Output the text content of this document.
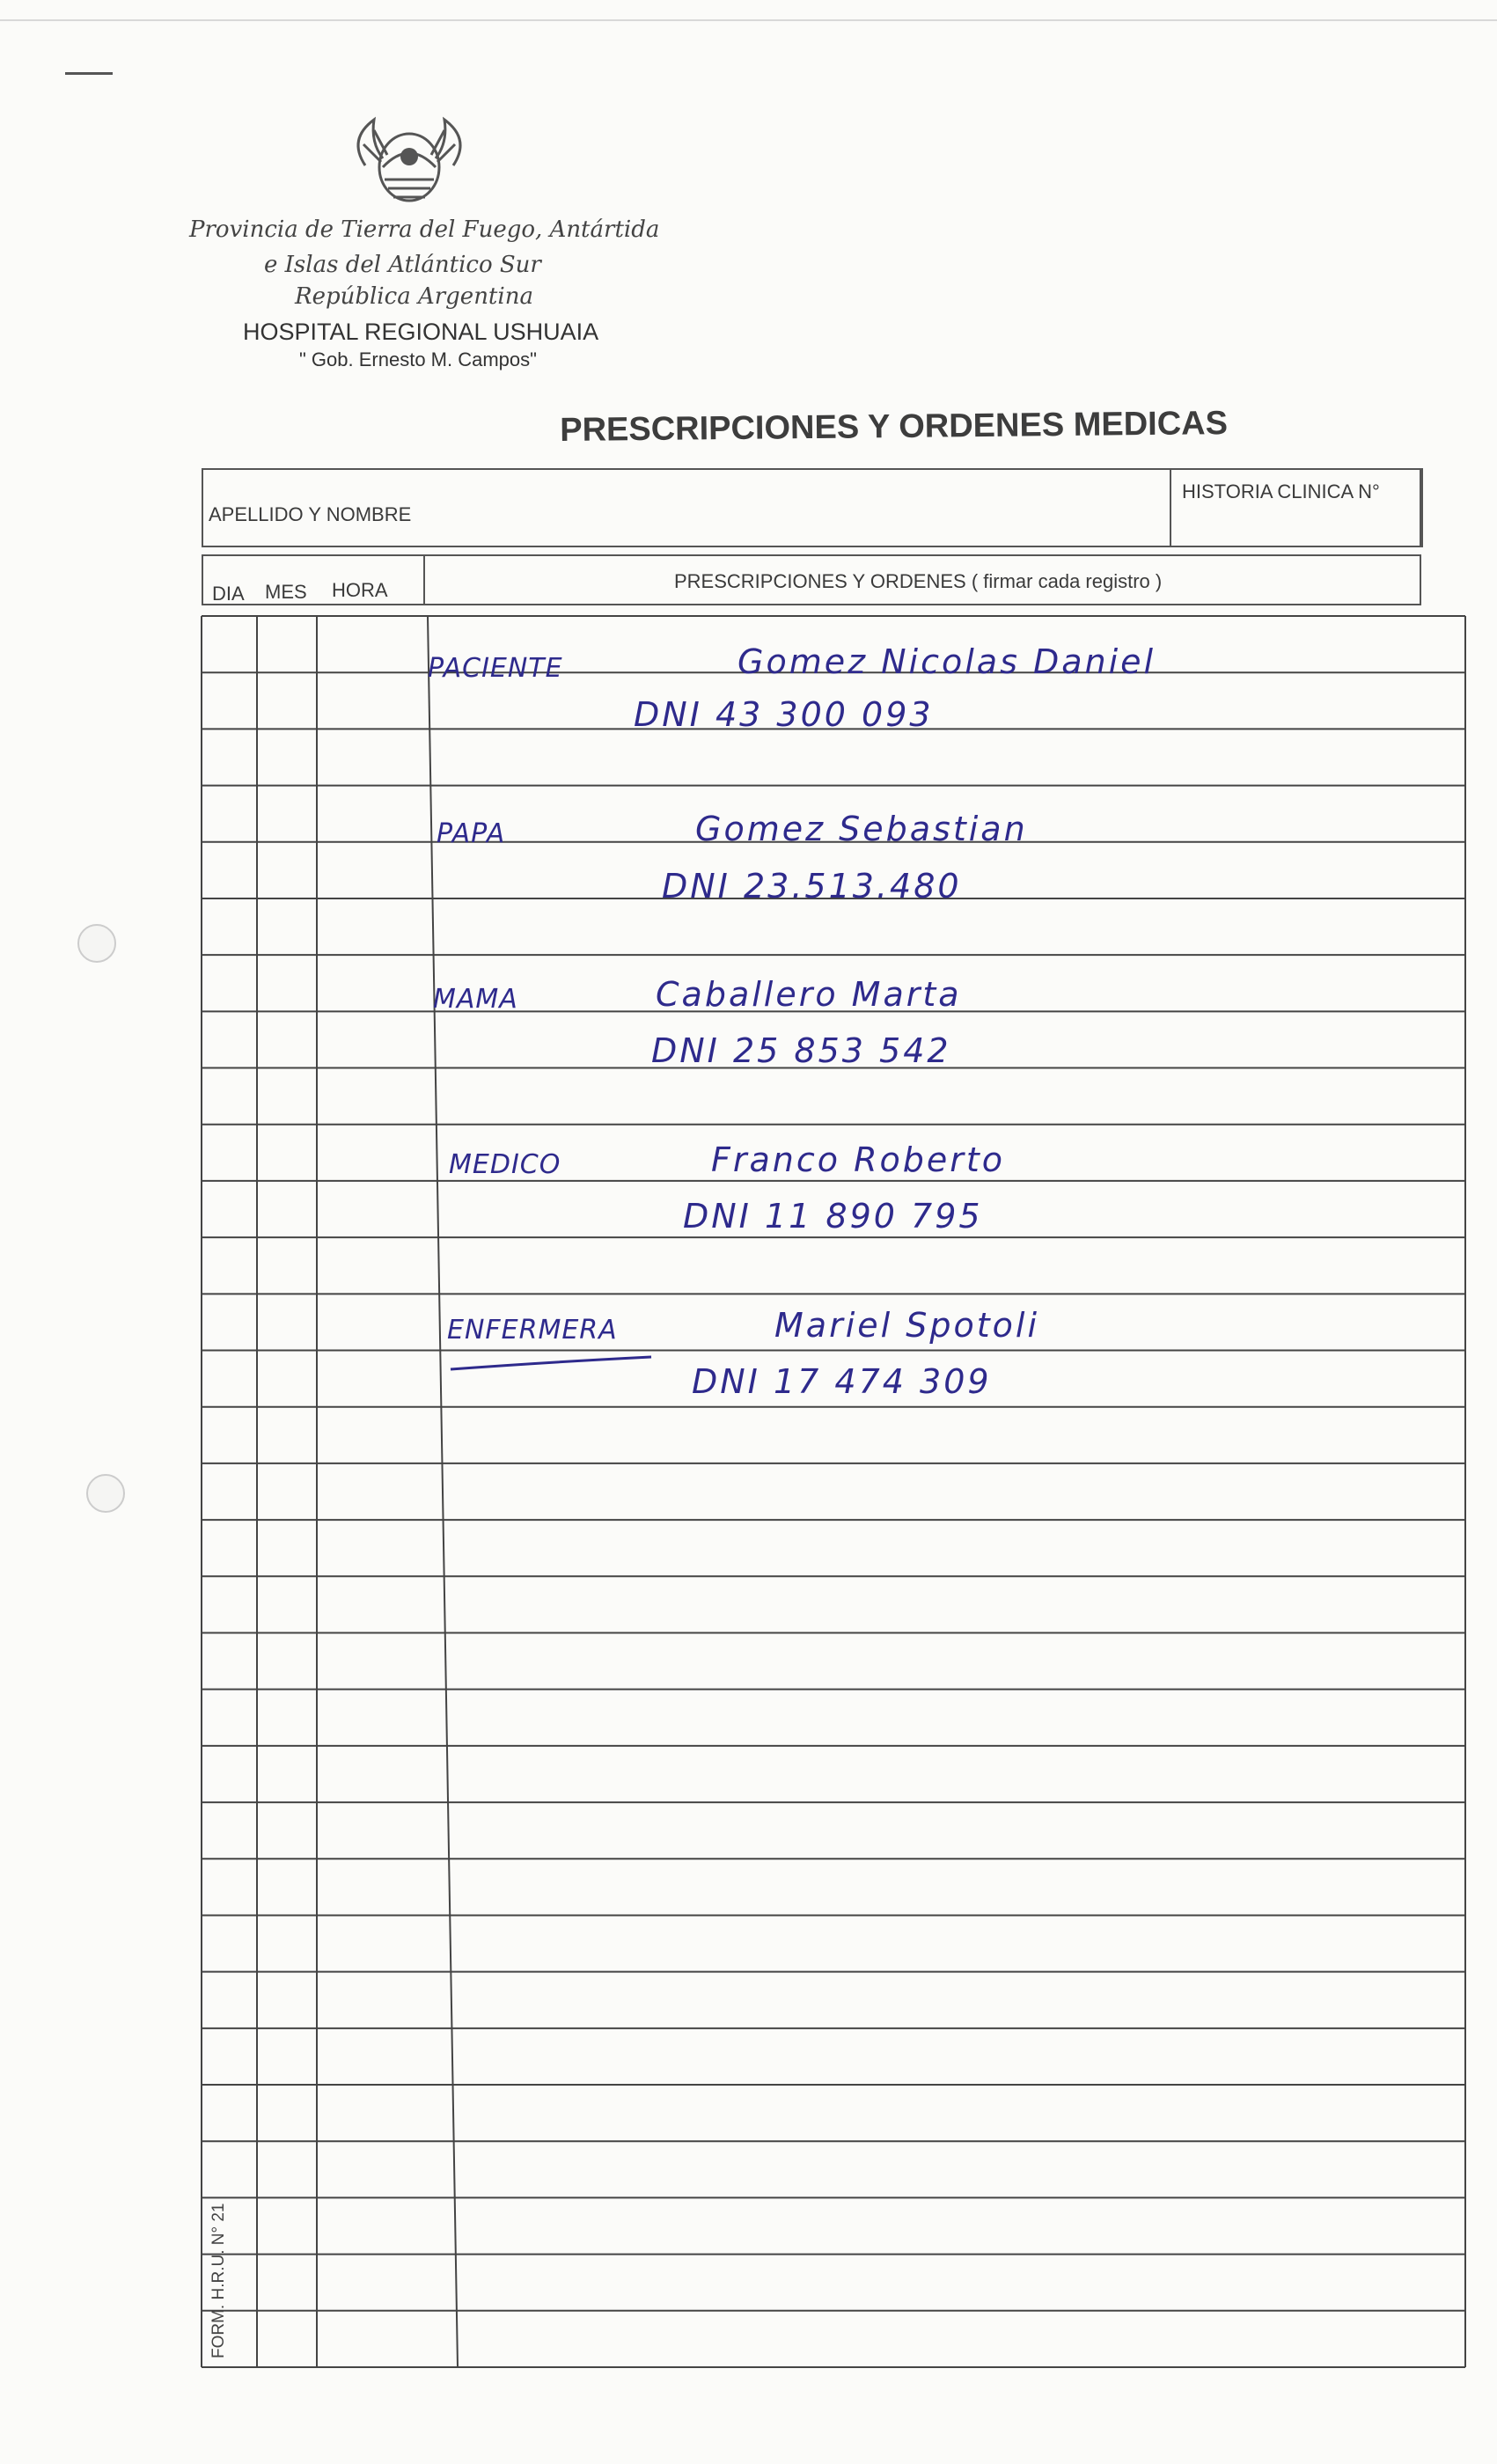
Provincia de Tierra del Fuego, Antártida
e Islas del Atlántico Sur
República Argentina
HOSPITAL REGIONAL USHUAIA
" Gob. Ernesto M. Campos"
PRESCRIPCIONES Y ORDENES MEDICAS
APELLIDO Y NOMBRE
HISTORIA CLINICA N°
DIA MES HORA	PRESCRIPCIONES Y ORDENES ( firmar cada registro )
PACIENTE	Gomez Nicolas Daniel
DNI 43 300 093
PAPA	Gomez Sebastian
DNI 23.513.480
MAMA	Caballero Marta
DNI 25 853 542
MEDICO	Franco Roberto
DNI 11 890 795
ENFERMERA	Mariel Spotoli
DNI 17 474 309
FORM. H.R.U. N° 21
